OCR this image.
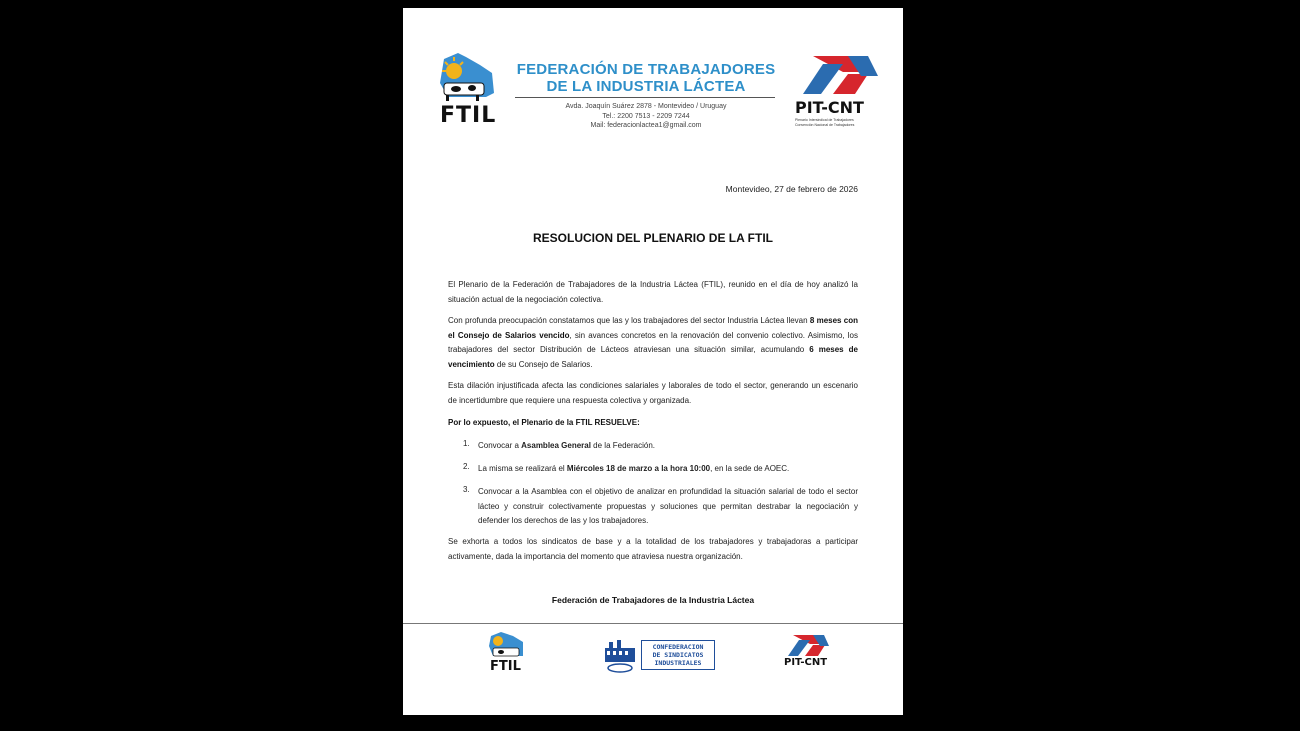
FTIL
FEDERACIÓN DE TRABAJADORES
DE LA INDUSTRIA LÁCTEA
Avda. Joaquín Suárez 2878 - Montevideo / Uruguay
Tel.: 2200 7513 - 2209 7244
Mail: federacionlactea1@gmail.com
PIT-CNT
Plenario Intersindical de Trabajadores
Convención Nacional de Trabajadores
Montevideo, 27 de febrero de 2026
RESOLUCION DEL PLENARIO DE LA FTIL
El Plenario de la Federación de Trabajadores de la Industria Láctea (FTIL), reunido en el día de hoy analizó la situación actual de la negociación colectiva.
Con profunda preocupación constatamos que las y los trabajadores del sector Industria Láctea llevan 8 meses con el Consejo de Salarios vencido, sin avances concretos en la renovación del convenio colectivo. Asimismo, los trabajadores del sector Distribución de Lácteos atraviesan una situación similar, acumulando 6 meses de vencimiento de su Consejo de Salarios.
Esta dilación injustificada afecta las condiciones salariales y laborales de todo el sector, generando un escenario de incertidumbre que requiere una respuesta colectiva y organizada.
Por lo expuesto, el Plenario de la FTIL RESUELVE:
1. Convocar a Asamblea General de la Federación.
2. La misma se realizará el Miércoles 18 de marzo a la hora 10:00, en la sede de AOEC.
3. Convocar a la Asamblea con el objetivo de analizar en profundidad la situación salarial de todo el sector lácteo y construir colectivamente propuestas y soluciones que permitan destrabar la negociación y defender los derechos de las y los trabajadores.
Se exhorta a todos los sindicatos de base y a la totalidad de los trabajadores y trabajadoras a participar activamente, dada la importancia del momento que atraviesa nuestra organización.
Federación de Trabajadores de la Industria Láctea
FTIL
CONFEDERACION
DE SINDICATOS
INDUSTRIALES	PIT-CNT
